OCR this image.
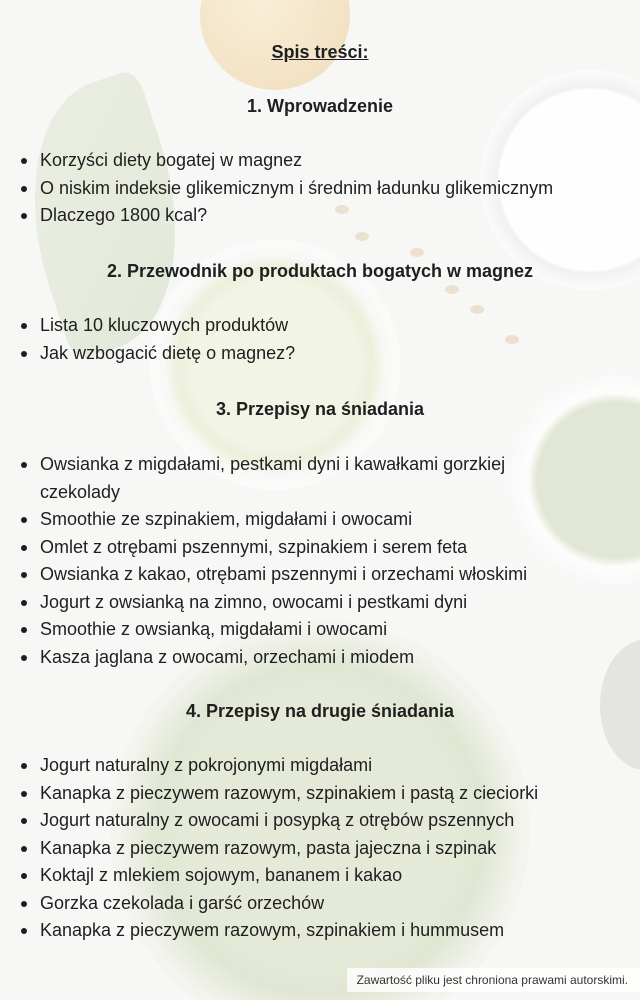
Spis treści:
1. Wprowadzenie
Korzyści diety bogatej w magnez
O niskim indeksie glikemicznym i średnim ładunku glikemicznym
Dlaczego 1800 kcal?
2. Przewodnik po produktach bogatych w magnez
Lista 10 kluczowych produktów
Jak wzbogacić dietę o magnez?
3. Przepisy na śniadania
Owsianka z migdałami, pestkami dyni i kawałkami gorzkiej czekolady
Smoothie ze szpinakiem, migdałami i owocami
Omlet z otrębami pszennymi, szpinakiem i serem feta
Owsianka z kakao, otrębami pszennymi i orzechami włoskimi
Jogurt z owsianką na zimno, owocami i pestkami dyni
Smoothie z owsianką, migdałami i owocami
Kasza jaglana z owocami, orzechami i miodem
4. Przepisy na drugie śniadania
Jogurt naturalny z pokrojonymi migdałami
Kanapka z pieczywem razowym, szpinakiem i pastą z cieciorki
Jogurt naturalny z owocami i posypką z otrębów pszennych
Kanapka z pieczywem razowym, pasta jajeczna i szpinak
Koktajl z mlekiem sojowym, bananem i kakao
Gorzka czekolada i garść orzechów
Kanapka z pieczywem razowym, szpinakiem i hummusem
Zawartość pliku jest chroniona prawami autorskimi.
